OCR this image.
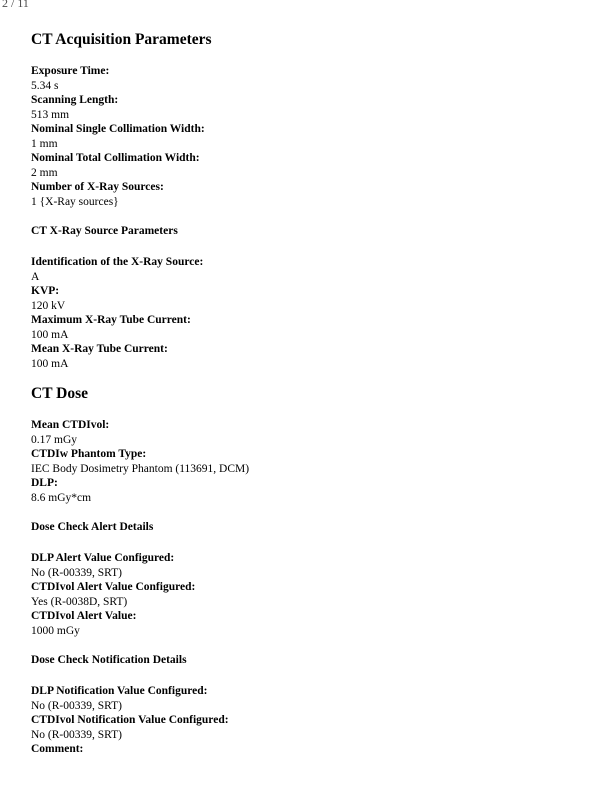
2 / 11
CT Acquisition Parameters
Exposure Time:
5.34 s
Scanning Length:
513 mm
Nominal Single Collimation Width:
1 mm
Nominal Total Collimation Width:
2 mm
Number of X-Ray Sources:
1 {X-Ray sources}
CT X-Ray Source Parameters
Identification of the X-Ray Source:
A
KVP:
120 kV
Maximum X-Ray Tube Current:
100 mA
Mean X-Ray Tube Current:
100 mA
CT Dose
Mean CTDIvol:
0.17 mGy
CTDIw Phantom Type:
IEC Body Dosimetry Phantom (113691, DCM)
DLP:
8.6 mGy*cm
Dose Check Alert Details
DLP Alert Value Configured:
No (R-00339, SRT)
CTDIvol Alert Value Configured:
Yes (R-0038D, SRT)
CTDIvol Alert Value:
1000 mGy
Dose Check Notification Details
DLP Notification Value Configured:
No (R-00339, SRT)
CTDIvol Notification Value Configured:
No (R-00339, SRT)
Comment:
